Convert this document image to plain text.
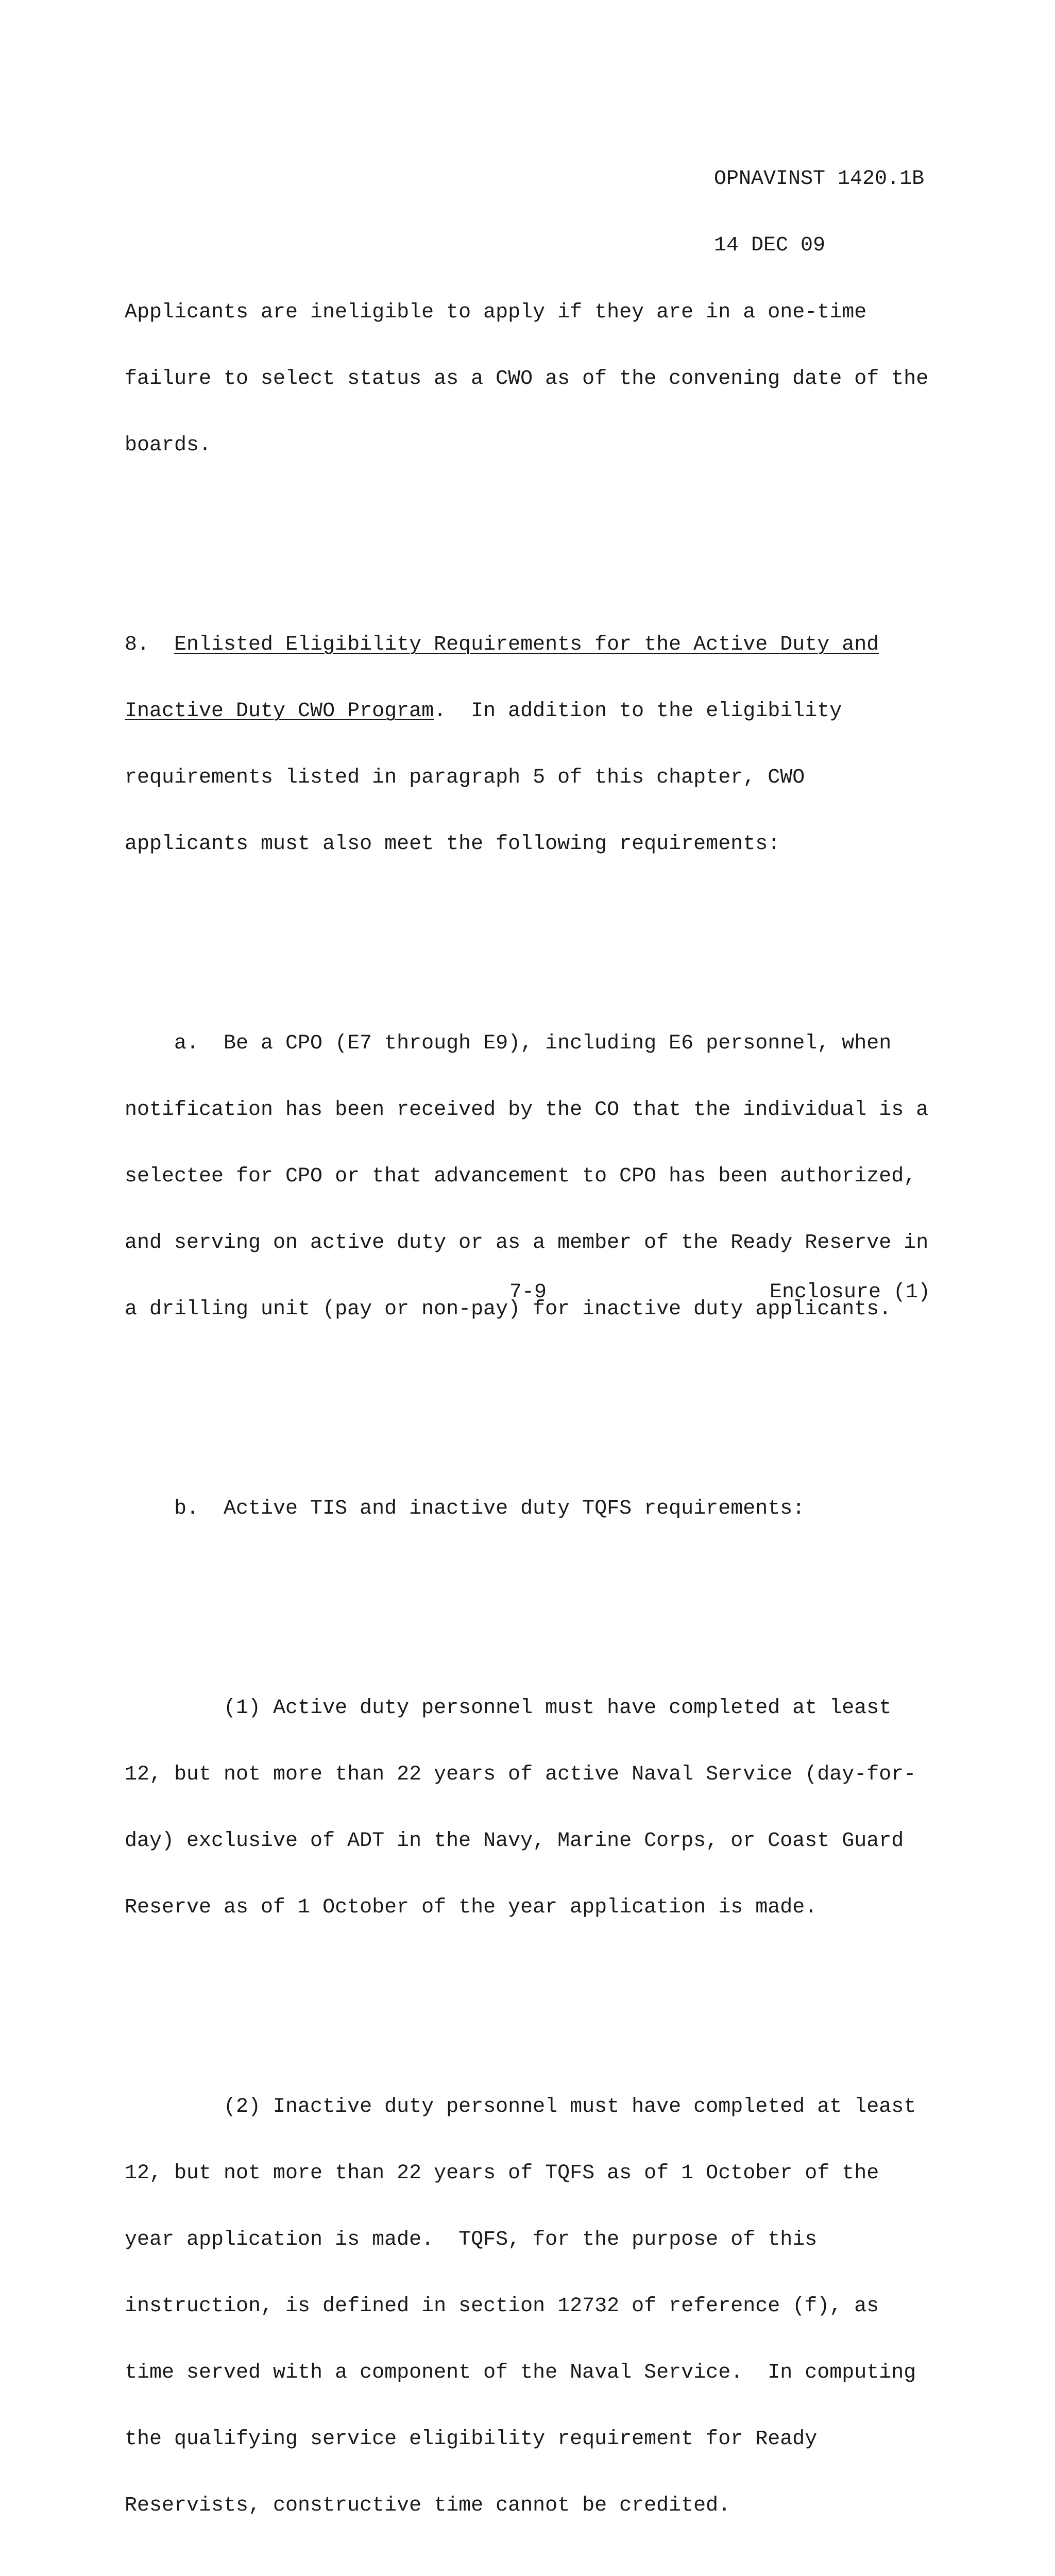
OPNAVINST 1420.1B

14 DEC 09

Applicants are ineligible to apply if they are in a one-time

failure to select status as a CWO as of the convening date of the

boards.

8.  Enlisted Eligibility Requirements for the Active Duty and

Inactive Duty CWO Program.  In addition to the eligibility

requirements listed in paragraph 5 of this chapter, CWO

applicants must also meet the following requirements:

a.  Be a CPO (E7 through E9), including E6 personnel, when

notification has been received by the CO that the individual is a

selectee for CPO or that advancement to CPO has been authorized,

and serving on active duty or as a member of the Ready Reserve in

a drilling unit (pay or non-pay) for inactive duty applicants.

b.  Active TIS and inactive duty TQFS requirements:

(1) Active duty personnel must have completed at least

12, but not more than 22 years of active Naval Service (day-for-

day) exclusive of ADT in the Navy, Marine Corps, or Coast Guard

Reserve as of 1 October of the year application is made.

(2) Inactive duty personnel must have completed at least

12, but not more than 22 years of TQFS as of 1 October of the

year application is made.  TQFS, for the purpose of this

instruction, is defined in section 12732 of reference (f), as

time served with a component of the Naval Service.  In computing

the qualifying service eligibility requirement for Ready

Reservists, constructive time cannot be credited.

7-9	Enclosure (1)
